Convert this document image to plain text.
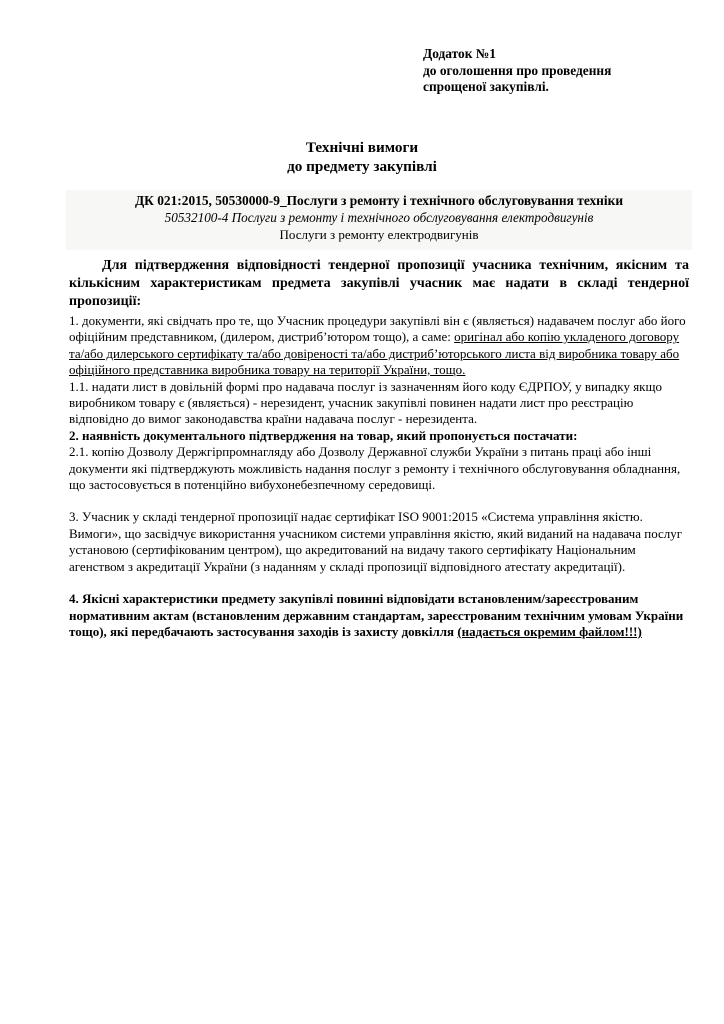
Додаток №1
до оголошення про проведення
спрощеної закупівлі.
Технічні вимоги
до предмету закупівлі
ДК 021:2015, 50530000-9_Послуги з ремонту і технічного обслуговування техніки
50532100-4 Послуги з ремонту і технічного обслуговування електродвигунів
Послуги з ремонту електродвигунів
Для підтвердження відповідності тендерної пропозиції учасника технічним, якісним та кількісним характеристикам предмета закупівлі учасник має надати в складі тендерної пропозиції:

1. документи, які свідчать про те, що Учасник процедури закупівлі він є (являється) надавачем послуг або його офіційним представником, (дилером, дистриб’ютором тощо), а саме: оригінал або копію укладеного договору та/або дилерського сертифікату та/або довіреності та/або дистриб’юторського листа від виробника товару або офіційного представника виробника товару на території України, тощо.

1.1. надати лист в довільній формі про надавача послуг із зазначенням його коду ЄДРПОУ, у випадку якщо виробником товару є (являється) - нерезидент, учасник закупівлі повинен надати лист про реєстрацію відповідно до вимог законодавства країни надавача послуг - нерезидента.

2. наявність документального підтвердження на товар, який пропонується постачати:

2.1. копію Дозволу Держгірпромнагляду або Дозволу Державної служби України з питань праці або інші документи які підтверджують можливість надання послуг з ремонту і технічного обслуговування обладнання, що застосовується в потенційно вибухонебезпечному середовищі.

3. Учасник у складі тендерної пропозиції надає сертифікат ISO 9001:2015 «Система управління якістю. Вимоги», що засвідчує використання учасником системи управління якістю, який виданий на надавача послуг установою (сертифікованим центром), що акредитований на видачу такого сертифікату Національним агенством з акредитації України (з наданням у складі пропозиції відповідного атестату акредитації).

4. Якісні характеристики предмету закупівлі повинні відповідати встановленим/зареєстрованим нормативним актам (встановленим державним стандартам, зареєстрованим технічним умовам України тощо), які передбачають застосування заходів із захисту довкілля (надається окремим файлом!!!)
